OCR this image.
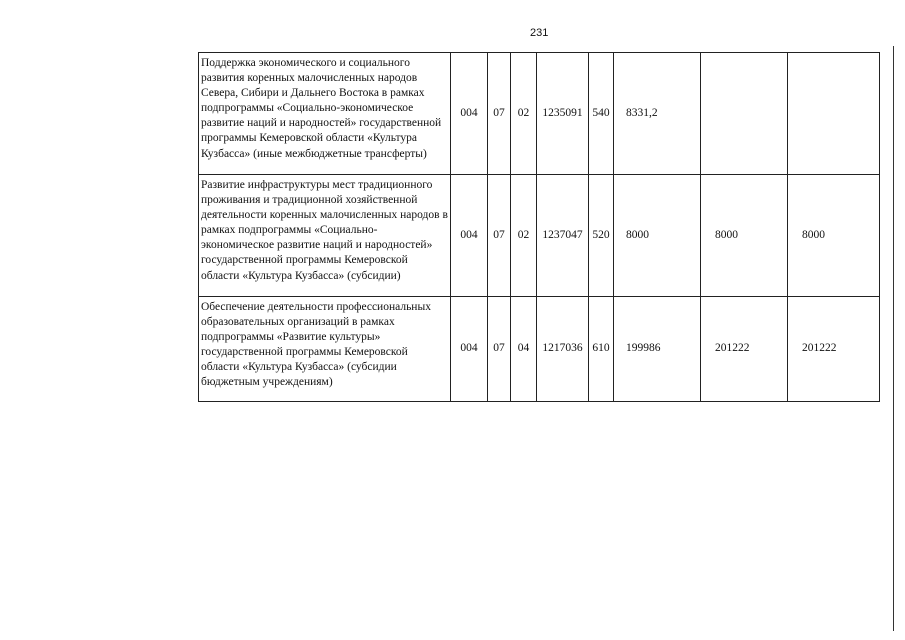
231
Поддержка экономического и социального развития коренных малочисленных народов Севера, Сибири и Дальнего Востока в рамках подпрограммы «Социально-экономическое развитие наций и народностей» государственной программы Кемеровской области «Культура Кузбасса» (иные межбюджетные трансферты)	004	07	02	1235091	540	8331,2		
Развитие инфраструктуры мест традиционного проживания и традиционной хозяйственной деятельности коренных малочисленных народов в рамках подпрограммы «Социально-экономическое развитие наций и народностей» государственной программы Кемеровской области «Культура Кузбасса» (субсидии)	004	07	02	1237047	520	8000	8000	8000
Обеспечение деятельности профессиональных образовательных организаций в рамках подпрограммы «Развитие культуры» государственной программы Кемеровской области «Культура Кузбасса» (субсидии бюджетным учреждениям)	004	07	04	1217036	610	199986	201222	201222
